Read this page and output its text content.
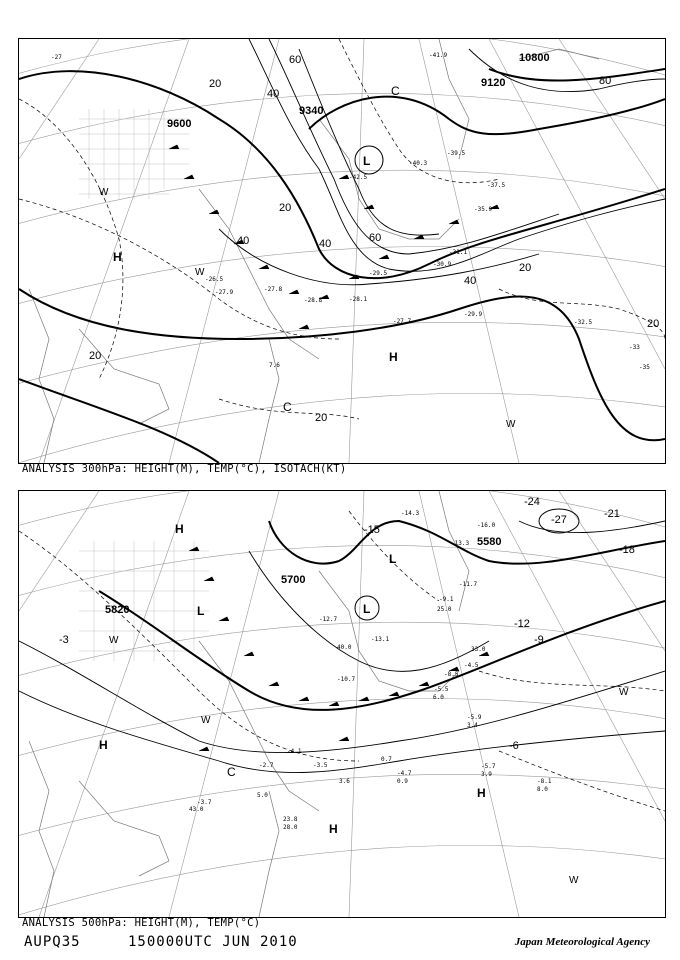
9600
9340
9120
10800
20
40
60
80
20
40	40	60
20
40
20
20
20
-27
-33
-35
H
L
H
C
W
W
W
C
-27.9
-26.5
-28.1
-27.7
-29.9
-32.5
-31.1
-30.9
-39.5
-37.5
-35.9
-42.5
-40.3
-41.9
-27.8
-28.8
-29.5
7.6
ANALYSIS 300hPa: HEIGHT(M), TEMP(°C), ISOTACH(KT)
5820
5700
5580
-3	-9
-15
-21
-24
-27
-6
-12
-18
H
L
L
L
H
H
H
W
W
W
W
C
-12.7
-13.1
-11.7
-10.7
-9.1
-8.5
-5.5
-4.5
-5.9
-5.7
-8.1
-4.7
-3.7
-3.5
-4.1
-2.7
-14.3
-16.0
-13.3
25.0
33.0
40.0
3.4
8.0
43.0
28.0
23.8
6.0
3.9
0.9
0.7
5.0
3.6
ANALYSIS 500hPa: HEIGHT(M), TEMP(°C)
AUPQ35	150000UTC JUN 2010	Japan Meteorological Agency
